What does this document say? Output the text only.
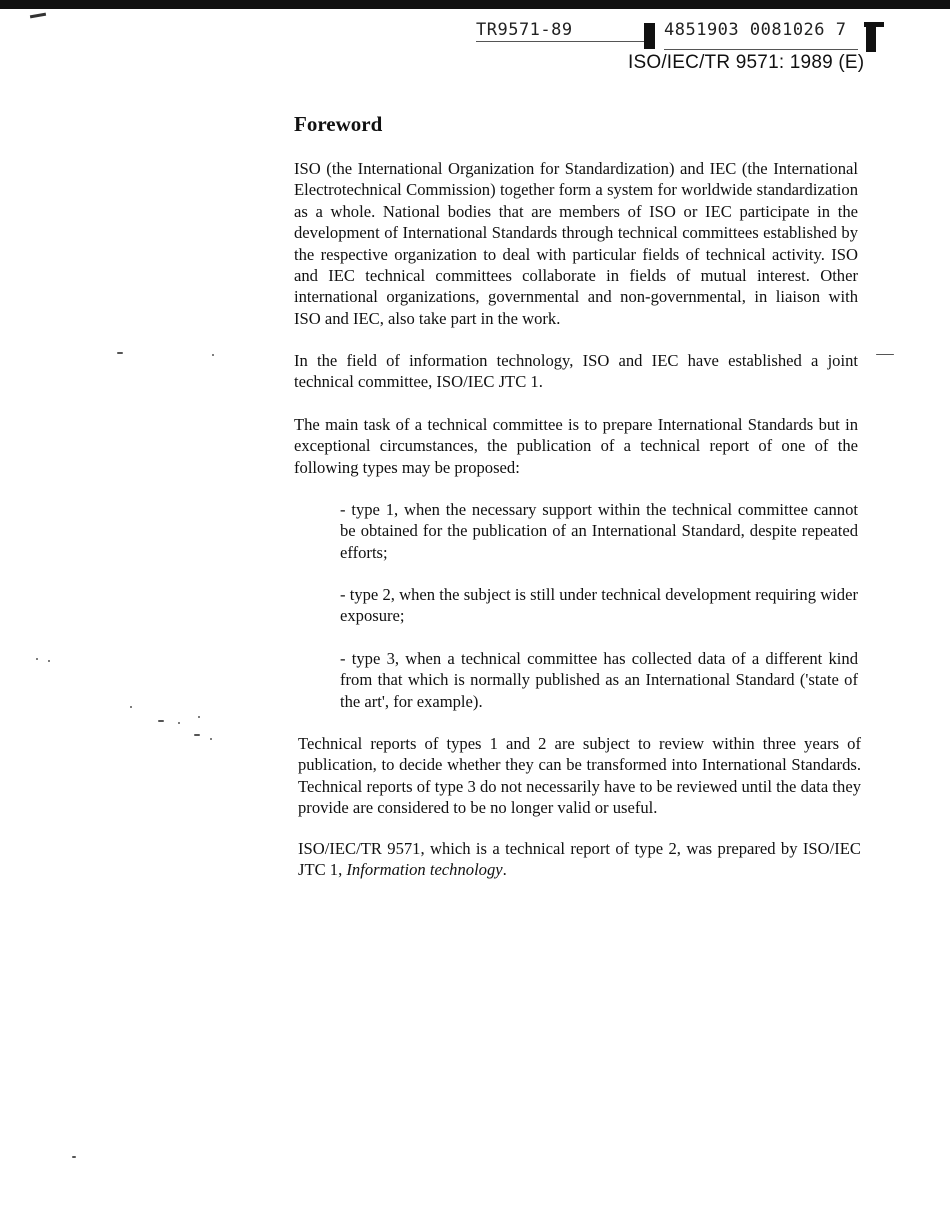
TR9571-89	4851903 0081026 7
ISO/IEC/TR 9571: 1989 (E)
Foreword

ISO (the International Organization for Standardization) and IEC (the International Electrotechnical Commission) together form a system for worldwide standardization as a whole. National bodies that are members of ISO or IEC participate in the development of International Standards through technical committees established by the respective organization to deal with particular fields of technical activity. ISO and IEC technical committees collaborate in fields of mutual interest. Other international organizations, governmental and non-governmental, in liaison with ISO and IEC, also take part in the work.

In the field of information technology, ISO and IEC have established a joint technical committee, ISO/IEC JTC 1.

The main task of a technical committee is to prepare International Standards but in exceptional circumstances, the publication of a technical report of one of the following types may be proposed:

- type 1, when the necessary support within the technical committee cannot be obtained for the publication of an International Standard, despite repeated efforts;

- type 2, when the subject is still under technical development requiring wider exposure;

- type 3, when a technical committee has collected data of a different kind from that which is normally published as an International Standard ('state of the art', for example).

Technical reports of types 1 and 2 are subject to review within three years of publication, to decide whether they can be transformed into International Standards. Technical reports of type 3 do not necessarily have to be reviewed until the data they provide are considered to be no longer valid or useful.

ISO/IEC/TR 9571, which is a technical report of type 2, was prepared by ISO/IEC JTC 1, Information technology.
